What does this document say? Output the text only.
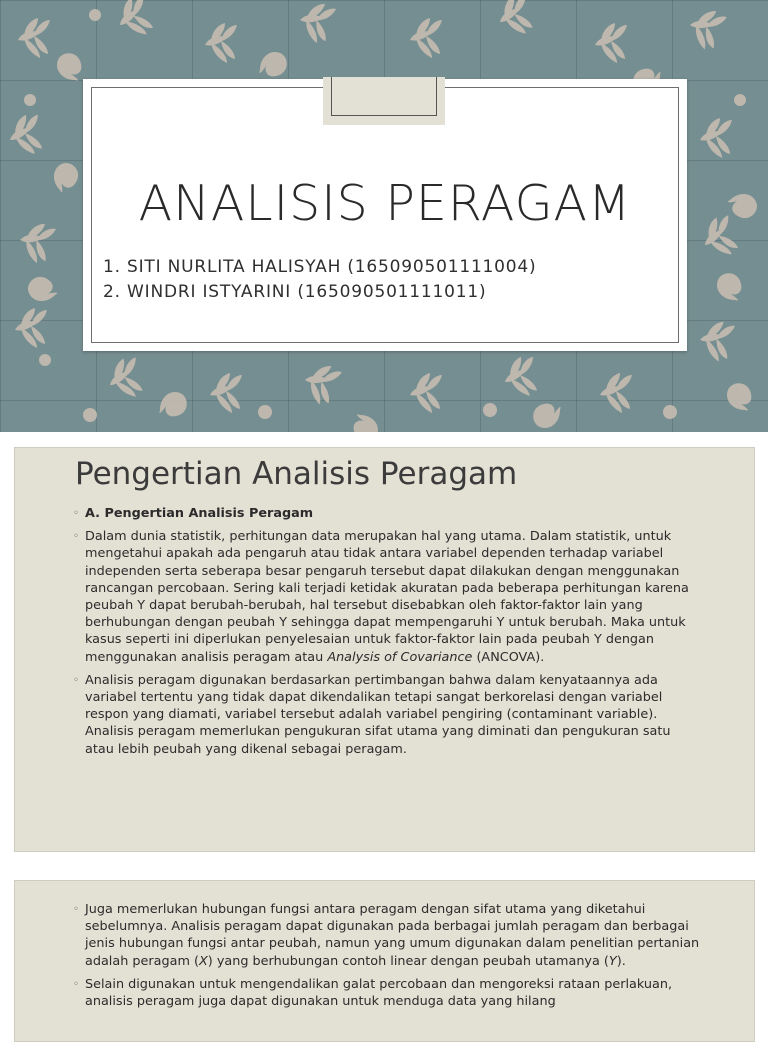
ANALISIS PERAGAM
1. SITI NURLITA HALISYAH (165090501111004)
2. WINDRI ISTYARINI (165090501111011)
Pengertian Analisis Peragam
◦ A. Pengertian Analisis Peragam
◦ Dalam dunia statistik, perhitungan data merupakan hal yang utama. Dalam statistik, untuk mengetahui apakah ada pengaruh atau tidak antara variabel dependen terhadap variabel independen serta seberapa besar pengaruh tersebut dapat dilakukan dengan menggunakan rancangan percobaan. Sering kali terjadi ketidak akuratan pada beberapa perhitungan karena peubah Y dapat berubah-berubah, hal tersebut disebabkan oleh faktor-faktor lain yang berhubungan dengan peubah Y sehingga dapat mempengaruhi Y untuk berubah. Maka untuk kasus seperti ini diperlukan penyelesaian untuk faktor-faktor lain pada peubah Y dengan menggunakan analisis peragam atau Analysis of Covariance (ANCOVA).
◦ Analisis peragam digunakan berdasarkan pertimbangan bahwa dalam kenyataannya ada variabel tertentu yang tidak dapat dikendalikan tetapi sangat berkorelasi dengan variabel respon yang diamati, variabel tersebut adalah variabel pengiring (contaminant variable). Analisis peragam memerlukan pengukuran sifat utama yang diminati dan pengukuran satu atau lebih peubah yang dikenal sebagai peragam.
◦ Juga memerlukan hubungan fungsi antara peragam dengan sifat utama yang diketahui sebelumnya. Analisis peragam dapat digunakan pada berbagai jumlah peragam dan berbagai jenis hubungan fungsi antar peubah, namun yang umum digunakan dalam penelitian pertanian adalah peragam (X) yang berhubungan contoh linear dengan peubah utamanya (Y).
◦ Selain digunakan untuk mengendalikan galat percobaan dan mengoreksi rataan perlakuan, analisis peragam juga dapat digunakan untuk menduga data yang hilang
